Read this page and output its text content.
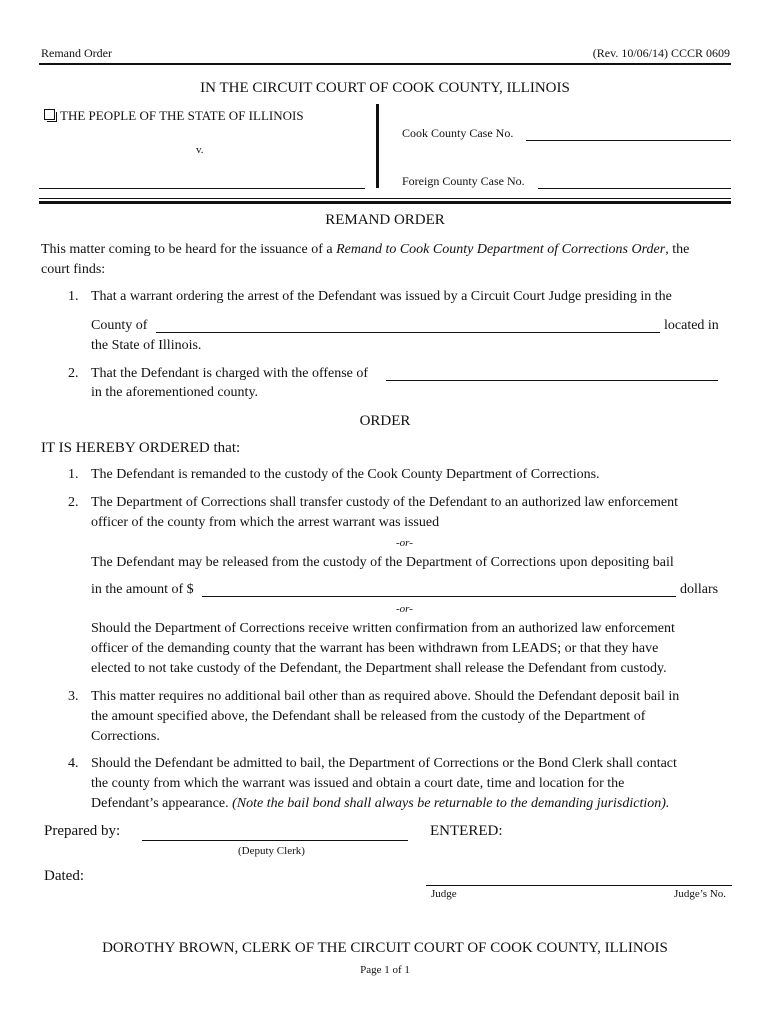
Remand Order	(Rev. 10/06/14) CCCR 0609
IN THE CIRCUIT COURT OF COOK COUNTY, ILLINOIS
THE PEOPLE OF THE STATE OF ILLINOIS
v.
Cook County Case No.
Foreign County Case No.
REMAND ORDER
This matter coming to be heard for the issuance of a Remand to Cook County Department of Corrections Order, the
court finds:
1. That a warrant ordering the arrest of the Defendant was issued by a Circuit Court Judge presiding in the
County of	located in
the State of Illinois.
2. That the Defendant is charged with the offense of
in the aforementioned county.
ORDER
IT IS HEREBY ORDERED that:
1. The Defendant is remanded to the custody of the Cook County Department of Corrections.
2. The Department of Corrections shall transfer custody of the Defendant to an authorized law enforcement
officer of the county from which the arrest warrant was issued
-or-
The Defendant may be released from the custody of the Department of Corrections upon depositing bail
in the amount of $	dollars
-or-
Should the Department of Corrections receive written confirmation from an authorized law enforcement
officer of the demanding county that the warrant has been withdrawn from LEADS; or that they have
elected to not take custody of the Defendant, the Department shall release the Defendant from custody.
3. This matter requires no additional bail other than as required above. Should the Defendant deposit bail in
the amount specified above, the Defendant shall be released from the custody of the Department of
Corrections.
4. Should the Defendant be admitted to bail, the Department of Corrections or the Bond Clerk shall contact
the county from which the warrant was issued and obtain a court date, time and location for the
Defendant’s appearance. (Note the bail bond shall always be returnable to the demanding jurisdiction).
Prepared by:
(Deputy Clerk)
ENTERED:
Dated:
Judge	Judge’s No.
DOROTHY BROWN, CLERK OF THE CIRCUIT COURT OF COOK COUNTY, ILLINOIS
Page 1 of 1
